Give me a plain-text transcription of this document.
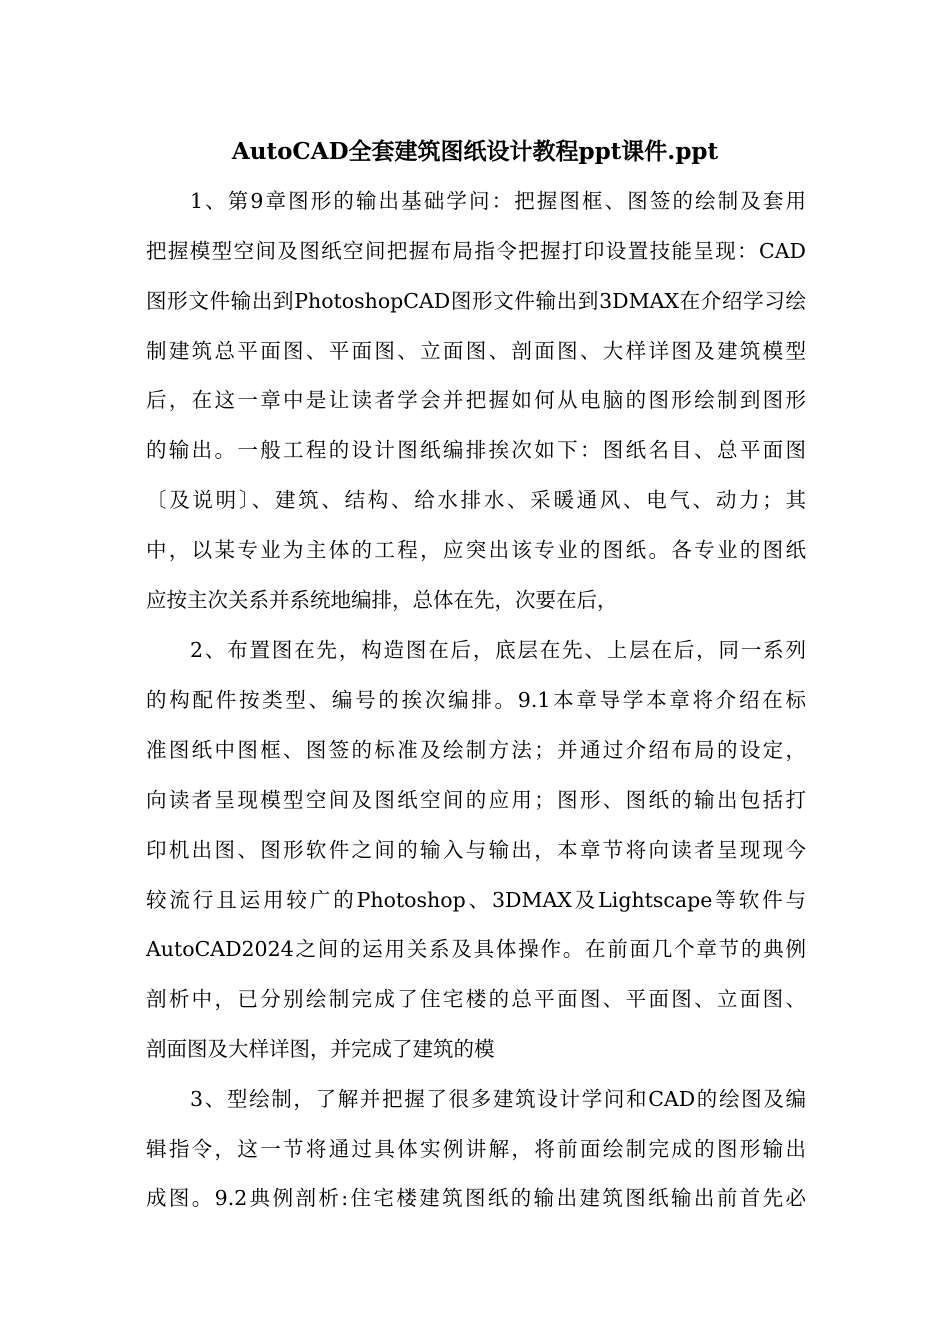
AutoCAD全套建筑图纸设计教程ppt课件.ppt
1、第9章图形的输出基础学问：把握图框、图签的绘制及套用
把握模型空间及图纸空间把握布局指令把握打印设置技能呈现：CAD
图形文件输出到PhotoshopCAD图形文件输出到3DMAX在介绍学习绘
制建筑总平面图、平面图、立面图、剖面图、大样详图及建筑模型
后，在这一章中是让读者学会并把握如何从电脑的图形绘制到图形
的输出。一般工程的设计图纸编排挨次如下：图纸名目、总平面图
〔及说明〕、建筑、结构、给水排水、采暖通风、电气、动力；其
中，以某专业为主体的工程，应突出该专业的图纸。各专业的图纸
应按主次关系并系统地编排，总体在先，次要在后，
2、布置图在先，构造图在后，底层在先、上层在后，同一系列
的构配件按类型、编号的挨次编排。9.1本章导学本章将介绍在标
准图纸中图框、图签的标准及绘制方法；并通过介绍布局的设定，
向读者呈现模型空间及图纸空间的应用；图形、图纸的输出包括打
印机出图、图形软件之间的输入与输出，本章节将向读者呈现现今
较流行且运用较广的Photoshop、3DMAX及Lightscape等软件与
AutoCAD2024之间的运用关系及具体操作。在前面几个章节的典例
剖析中，已分别绘制完成了住宅楼的总平面图、平面图、立面图、
剖面图及大样详图，并完成了建筑的模
3、型绘制，了解并把握了很多建筑设计学问和CAD的绘图及编
辑指令，这一节将通过具体实例讲解，将前面绘制完成的图形输出
成图。9.2典例剖析:住宅楼建筑图纸的输出建筑图纸输出前首先必
